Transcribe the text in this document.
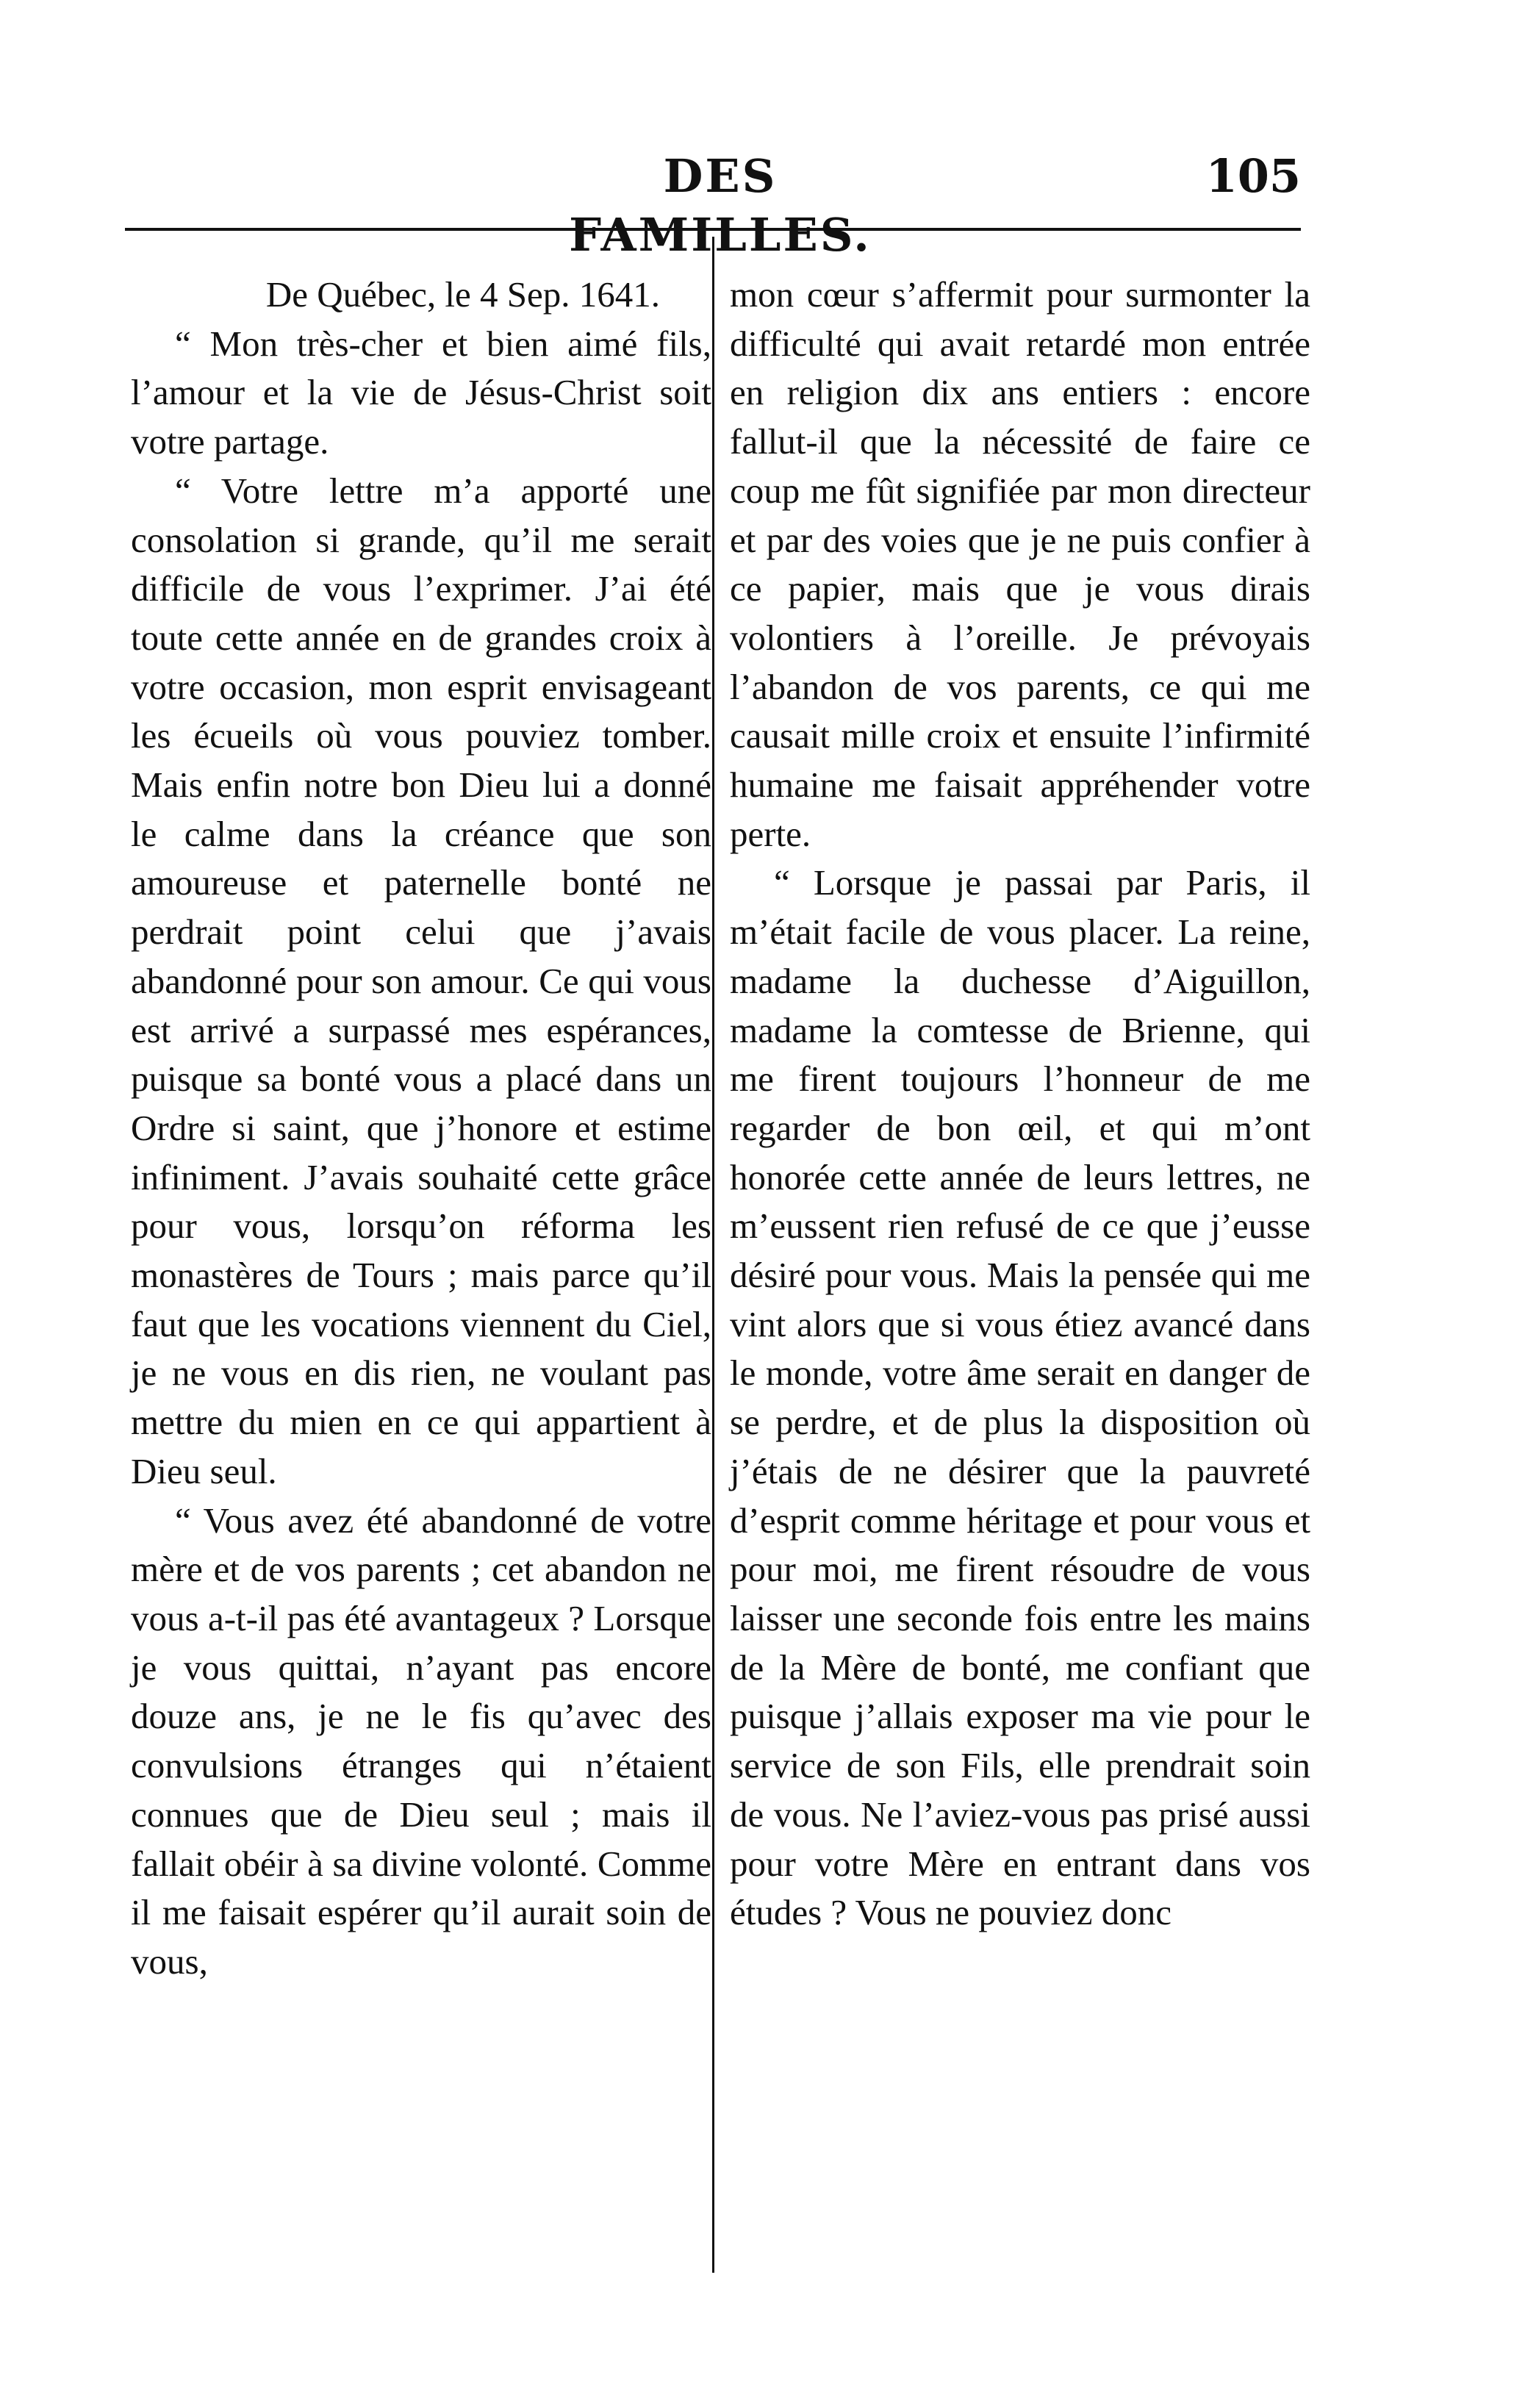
DES FAMILLES.
105

De Québec, le 4 Sep. 1641.

“ Mon très-cher et bien aimé fils, l’amour et la vie de Jésus-Christ soit votre partage.

“ Votre lettre m’a apporté une consolation si grande, qu’il me serait difficile de vous l’exprimer. J’ai été toute cette année en de grandes croix à votre occasion, mon esprit envisageant les écueils où vous pouviez tomber. Mais enfin notre bon Dieu lui a donné le calme dans la créance que son amoureuse et paternelle bonté ne perdrait point celui que j’avais abandonné pour son amour. Ce qui vous est arrivé a surpassé mes espérances, puisque sa bonté vous a placé dans un Ordre si saint, que j’honore et estime infiniment. J’avais souhaité cette grâce pour vous, lorsqu’on réforma les monastères de Tours ; mais parce qu’il faut que les vocations viennent du Ciel, je ne vous en dis rien, ne voulant pas mettre du mien en ce qui appartient à Dieu seul.

“ Vous avez été abandonné de votre mère et de vos parents ; cet abandon ne vous a-t-il pas été avantageux ? Lorsque je vous quittai, n’ayant pas encore douze ans, je ne le fis qu’avec des convulsions étranges qui n’étaient connues que de Dieu seul ; mais il fallait obéir à sa divine volonté. Comme il me faisait espérer qu’il aurait soin de vous,

mon cœur s’affermit pour surmonter la difficulté qui avait retardé mon entrée en religion dix ans entiers : encore fallut-il que la nécessité de faire ce coup me fût signifiée par mon directeur et par des voies que je ne puis confier à ce papier, mais que je vous dirais volontiers à l’oreille. Je prévoyais l’abandon de vos parents, ce qui me causait mille croix et ensuite l’infirmité humaine me faisait appréhender votre perte.

“ Lorsque je passai par Paris, il m’était facile de vous placer. La reine, madame la duchesse d’Aiguillon, madame la comtesse de Brienne, qui me firent toujours l’honneur de me regarder de bon œil, et qui m’ont honorée cette année de leurs lettres, ne m’eussent rien refusé de ce que j’eusse désiré pour vous. Mais la pensée qui me vint alors que si vous étiez avancé dans le monde, votre âme serait en danger de se perdre, et de plus la disposition où j’étais de ne désirer que la pauvreté d’esprit comme héritage et pour vous et pour moi, me firent résoudre de vous laisser une seconde fois entre les mains de la Mère de bonté, me confiant que puisque j’allais exposer ma vie pour le service de son Fils, elle prendrait soin de vous. Ne l’aviez-vous pas prisé aussi pour votre Mère en entrant dans vos études ? Vous ne pouviez donc
